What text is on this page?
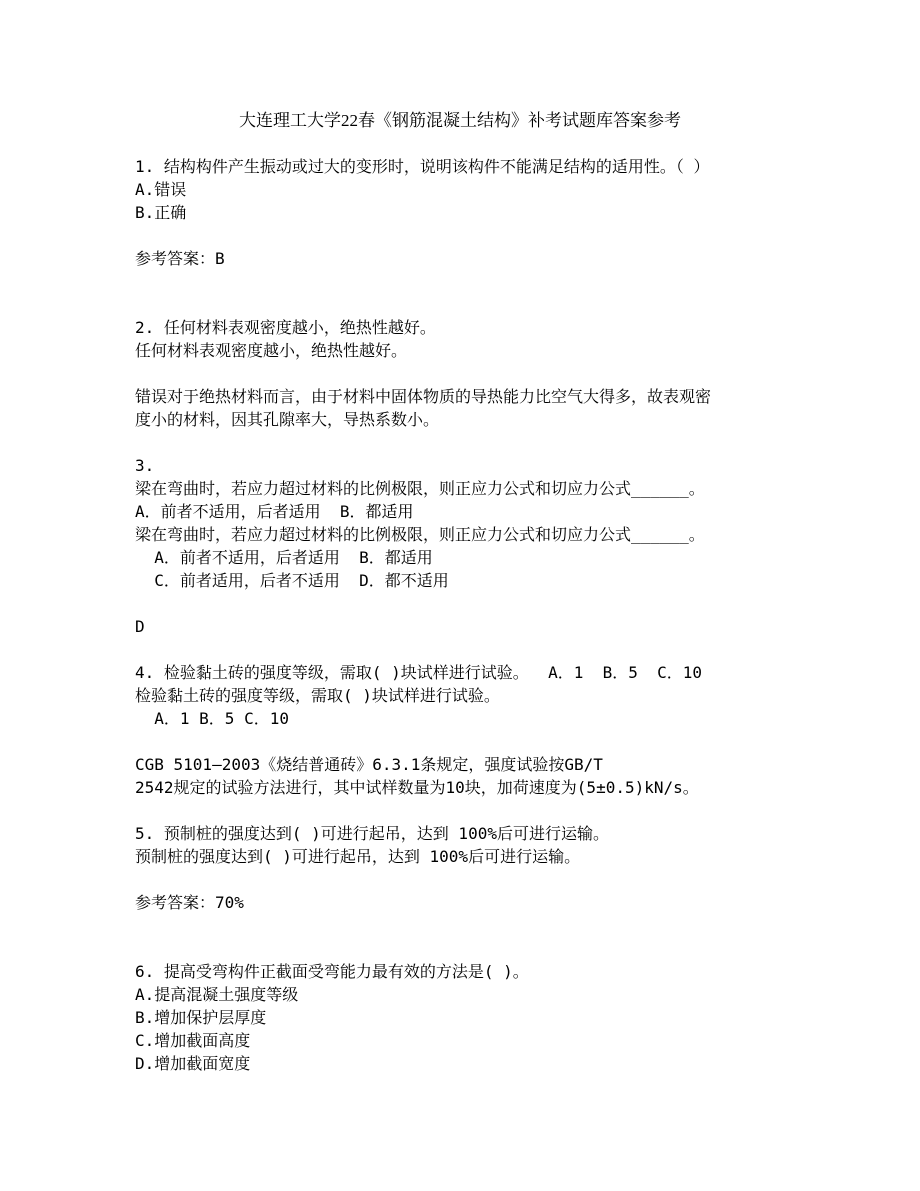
大连理工大学22春《钢筋混凝土结构》补考试题库答案参考
1. 结构构件产生振动或过大的变形时，说明该构件不能满足结构的适用性。（ ）
A.错误
B.正确
参考答案：B
2. 任何材料表观密度越小，绝热性越好。
任何材料表观密度越小，绝热性越好。
错误对于绝热材料而言，由于材料中固体物质的导热能力比空气大得多，故表观密
度小的材料，因其孔隙率大，导热系数小。
3.
梁在弯曲时，若应力超过材料的比例极限，则正应力公式和切应力公式______。
A．前者不适用，后者适用  B．都适用
梁在弯曲时，若应力超过材料的比例极限，则正应力公式和切应力公式______。
A．前者不适用，后者适用  B．都适用
C．前者适用，后者不适用  D．都不适用
D
4. 检验黏土砖的强度等级，需取( )块试样进行试验。  A．1  B．5  C．10
检验黏土砖的强度等级，需取( )块试样进行试验。
A．1 B．5 C．10
CGB 5101—2003《烧结普通砖》6.3.1条规定，强度试验按GB/T
2542规定的试验方法进行，其中试样数量为10块，加荷速度为(5±0.5)kN/s。
5. 预制桩的强度达到( )可进行起吊，达到 100%后可进行运输。
预制桩的强度达到( )可进行起吊，达到 100%后可进行运输。
参考答案：70%
6. 提高受弯构件正截面受弯能力最有效的方法是( )。
A.提高混凝土强度等级
B.增加保护层厚度
C.增加截面高度
D.增加截面宽度
